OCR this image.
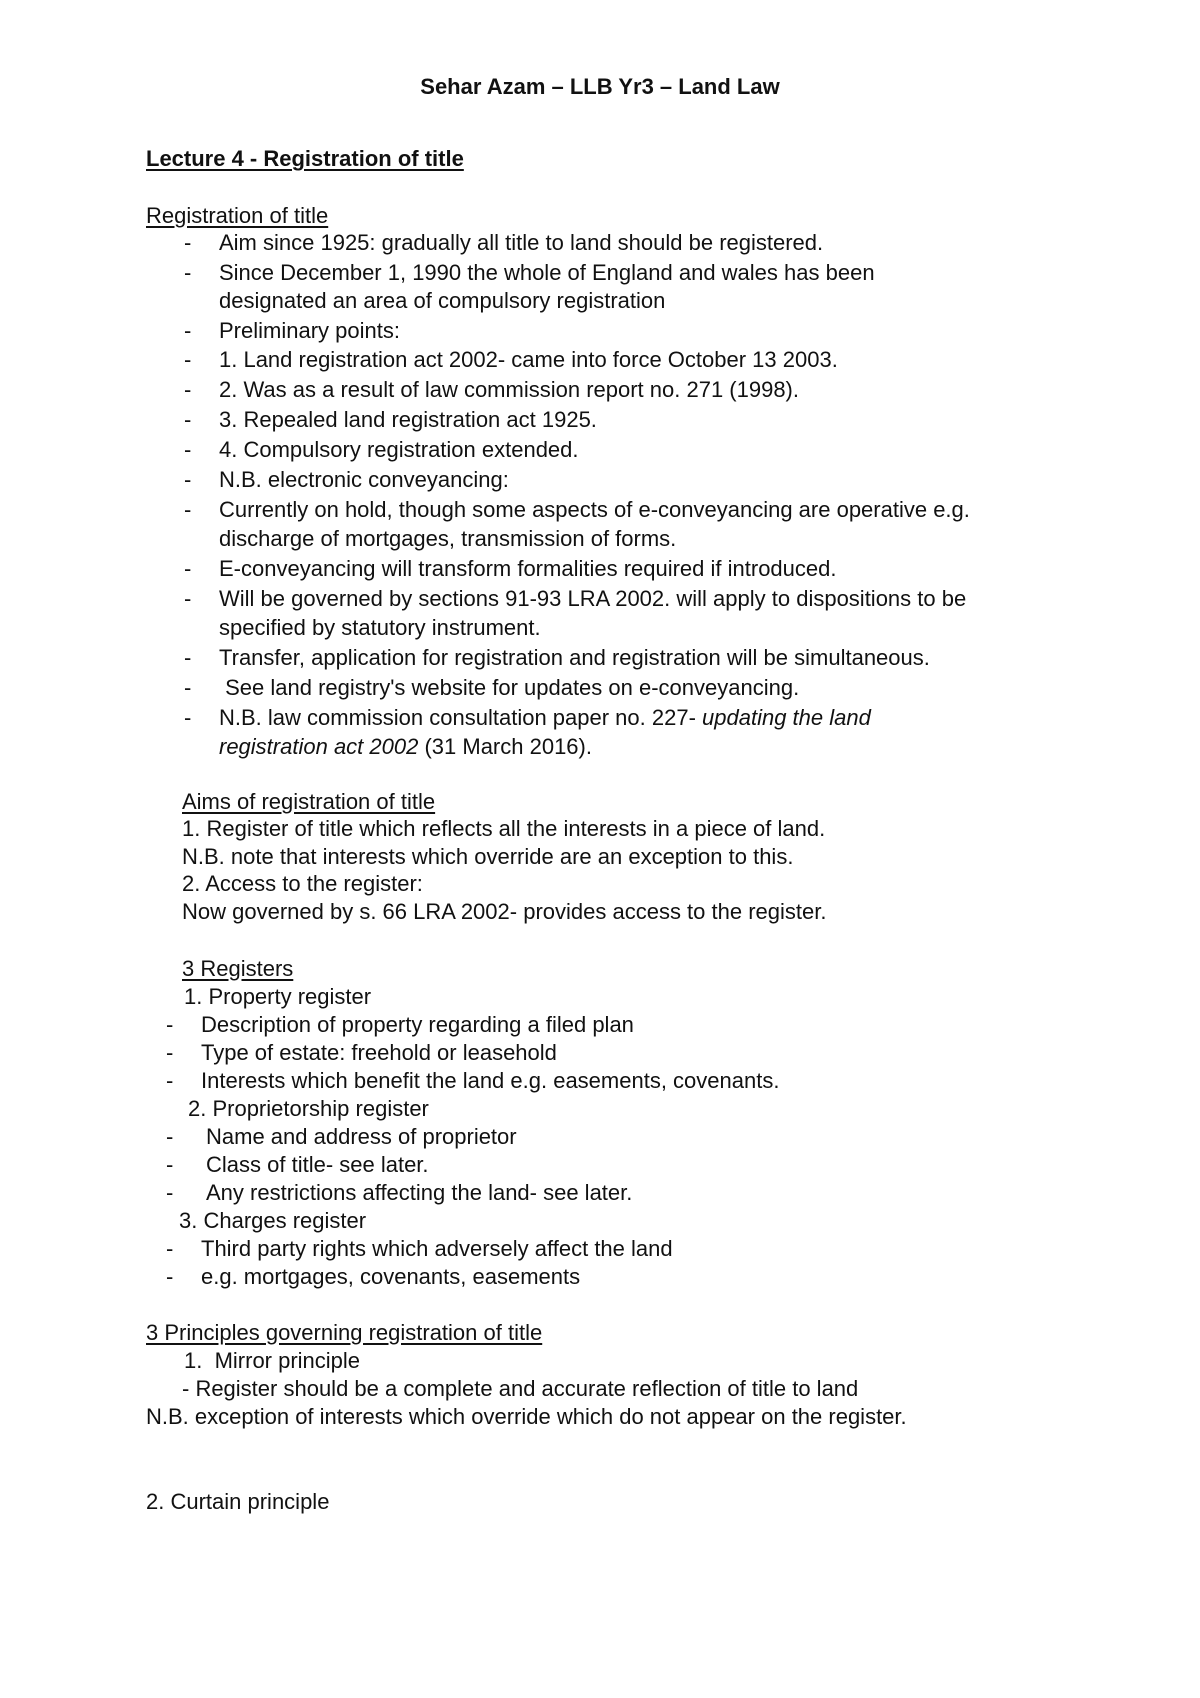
Sehar Azam – LLB Yr3 – Land Law
Lecture 4 - Registration of title
Registration of title
- Aim since 1925: gradually all title to land should be registered.
- Since December 1, 1990 the whole of England and wales has been
designated an area of compulsory registration
- Preliminary points:
- 1. Land registration act 2002- came into force October 13 2003.
- 2. Was as a result of law commission report no. 271 (1998).
- 3. Repealed land registration act 1925.
- 4. Compulsory registration extended.
- N.B. electronic conveyancing:
- Currently on hold, though some aspects of e-conveyancing are operative e.g.
discharge of mortgages, transmission of forms.
- E-conveyancing will transform formalities required if introduced.
- Will be governed by sections 91-93 LRA 2002. will apply to dispositions to be
specified by statutory instrument.
- Transfer, application for registration and registration will be simultaneous.
- See land registry's website for updates on e-conveyancing.
- N.B. law commission consultation paper no. 227- updating the land
registration act 2002 (31 March 2016).
Aims of registration of title
1. Register of title which reflects all the interests in a piece of land.
N.B. note that interests which override are an exception to this.
2. Access to the register:
Now governed by s. 66 LRA 2002- provides access to the register.
3 Registers
1. Property register
- Description of property regarding a filed plan
- Type of estate: freehold or leasehold
- Interests which benefit the land e.g. easements, covenants.
2. Proprietorship register
- Name and address of proprietor
- Class of title- see later.
- Any restrictions affecting the land- see later.
3. Charges register
- Third party rights which adversely affect the land
- e.g. mortgages, covenants, easements
3 Principles governing registration of title
1.  Mirror principle
- Register should be a complete and accurate reflection of title to land
N.B. exception of interests which override which do not appear on the register.
2. Curtain principle
